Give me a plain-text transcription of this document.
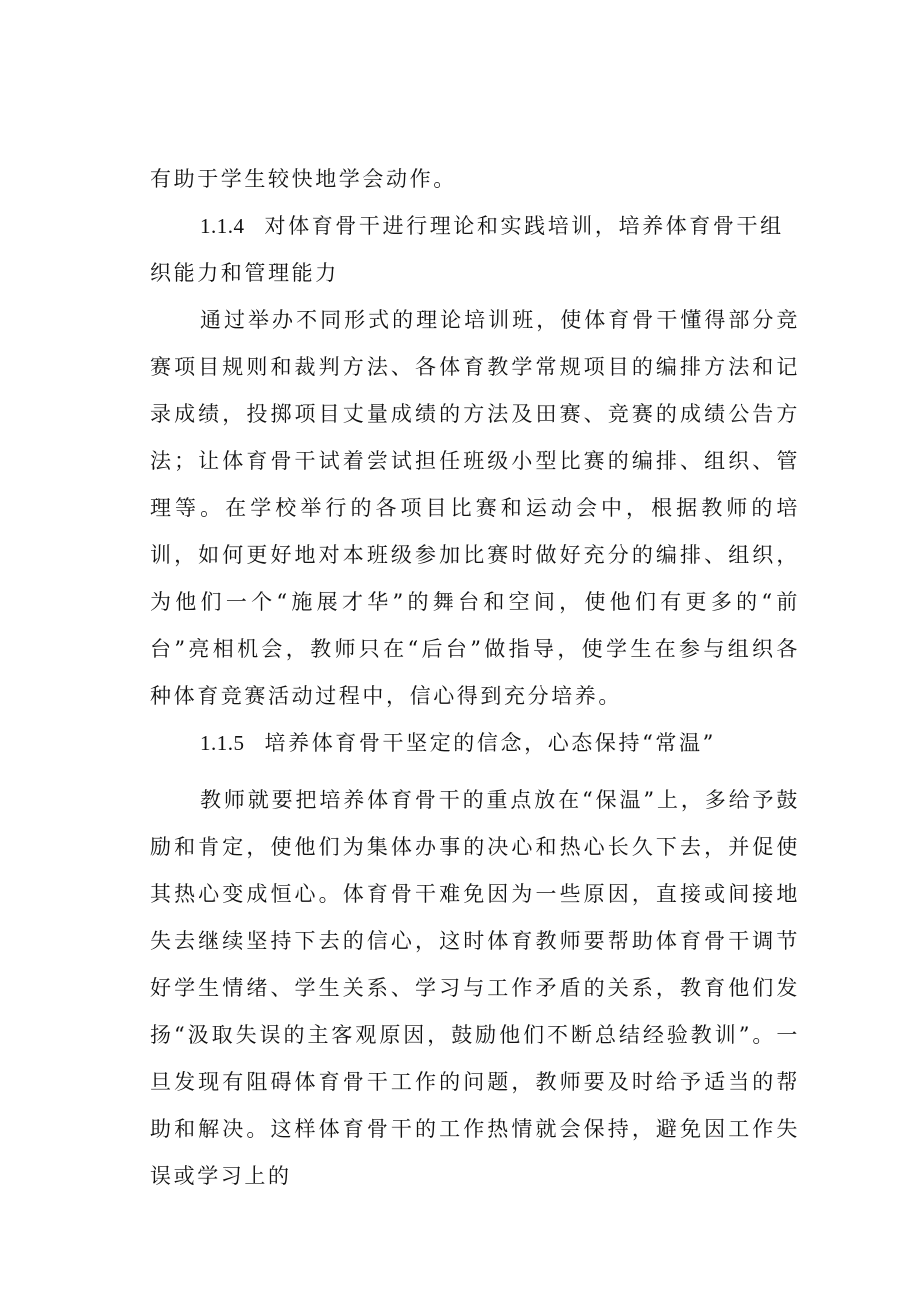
有助于学生较快地学会动作。

1.1.4 对体育骨干进行理论和实践培训，培养体育骨干组织能力和管理能力

通过举办不同形式的理论培训班，使体育骨干懂得部分竞赛项目规则和裁判方法、各体育教学常规项目的编排方法和记录成绩，投掷项目丈量成绩的方法及田赛、竞赛的成绩公告方法；让体育骨干试着尝试担任班级小型比赛的编排、组织、管理等。在学校举行的各项目比赛和运动会中，根据教师的培训，如何更好地对本班级参加比赛时做好充分的编排、组织，为他们一个“施展才华”的舞台和空间，使他们有更多的“前台”亮相机会，教师只在“后台”做指导，使学生在参与组织各种体育竞赛活动过程中，信心得到充分培养。

1.1.5 培养体育骨干坚定的信念，心态保持“常温”

教师就要把培养体育骨干的重点放在“保温”上，多给予鼓励和肯定，使他们为集体办事的决心和热心长久下去，并促使其热心变成恒心。体育骨干难免因为一些原因，直接或间接地失去继续坚持下去的信心，这时体育教师要帮助体育骨干调节好学生情绪、学生关系、学习与工作矛盾的关系，教育他们发扬“汲取失误的主客观原因，鼓励他们不断总结经验教训”。一旦发现有阻碍体育骨干工作的问题，教师要及时给予适当的帮助和解决。这样体育骨干的工作热情就会保持，避免因工作失误或学习上的
